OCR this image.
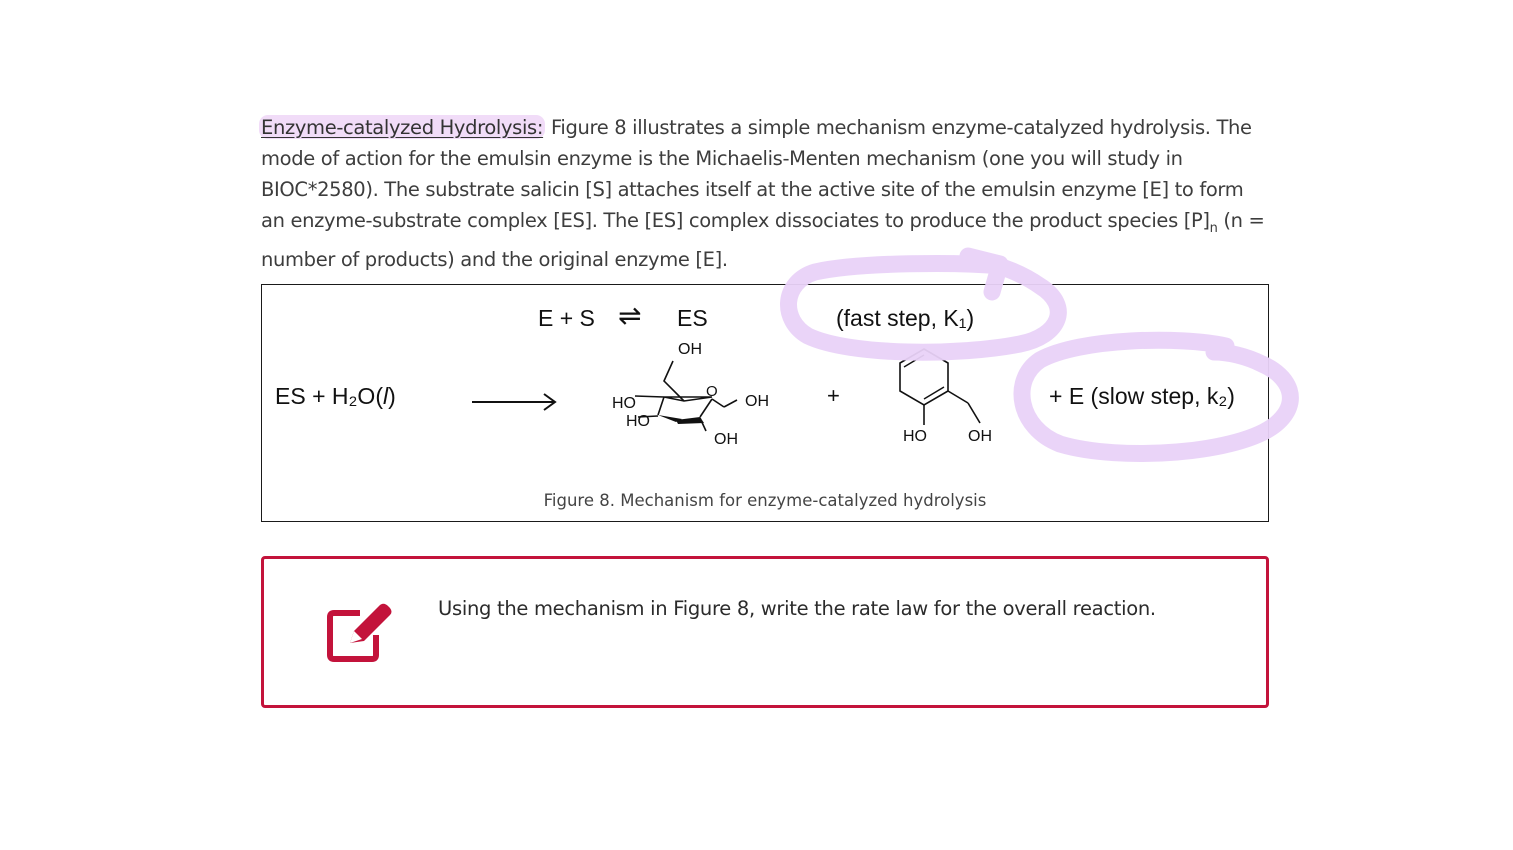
Enzyme-catalyzed Hydrolysis: Figure 8 illustrates a simple mechanism enzyme-catalyzed hydrolysis. The mode of action for the emulsin enzyme is the Michaelis-Menten mechanism (one you will study in BIOC*2580). The substrate salicin [S] attaches itself at the active site of the emulsin enzyme [E] to form an enzyme-substrate complex [ES]. The [ES] complex dissociates to produce the product species $[P]_n$ (n = number of products) and the original enzyme [E].
E + S ⇌ ES	(fast step, K₁)
ES + H₂O(l)	+	+ E (slow step, k₂)
OH
O
HO
HO
OH
OH	HO	OH
Figure 8. Mechanism for enzyme-catalyzed hydrolysis
Using the mechanism in Figure 8, write the rate law for the overall reaction.
